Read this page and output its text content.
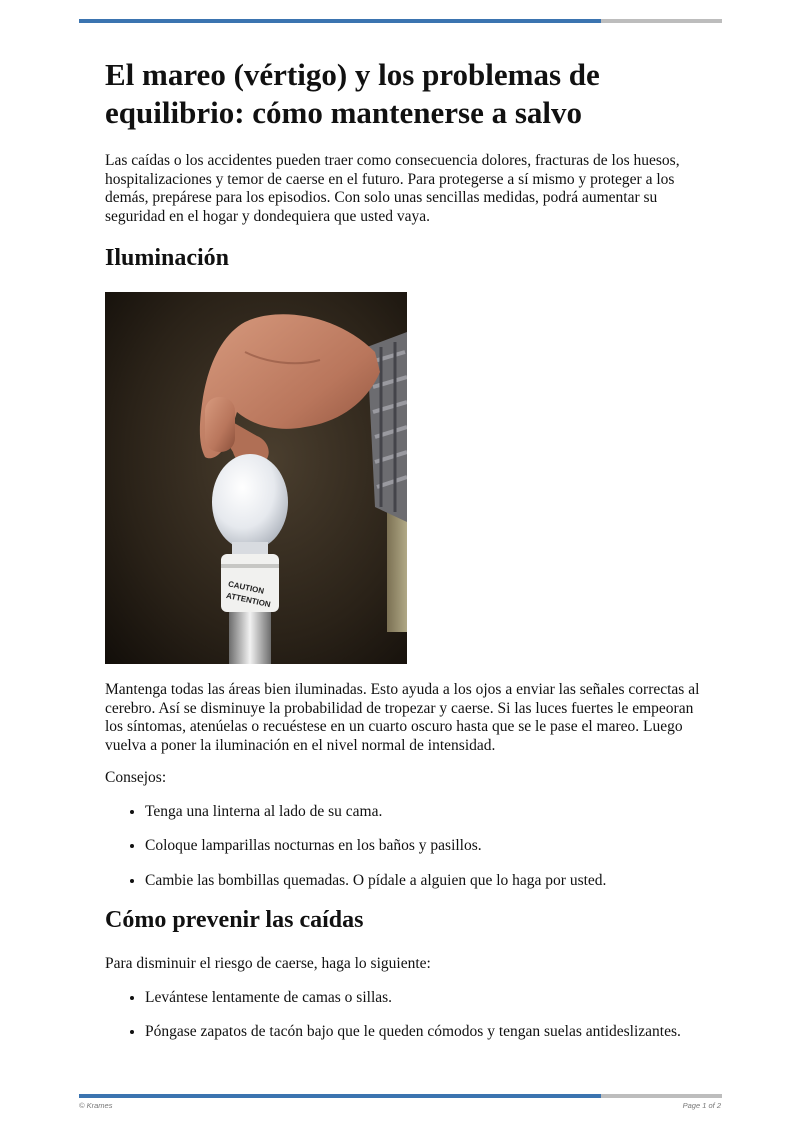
El mareo (vértigo) y los problemas de equilibrio: cómo mantenerse a salvo

Las caídas o los accidentes pueden traer como consecuencia dolores, fracturas de los huesos, hospitalizaciones y temor de caerse en el futuro. Para protegerse a sí mismo y proteger a los demás, prepárese para los episodios. Con solo unas sencillas medidas, podrá aumentar su seguridad en el hogar y dondequiera que usted vaya.

Iluminación
CAUTION
ATTENTION

Mantenga todas las áreas bien iluminadas. Esto ayuda a los ojos a enviar las señales correctas al cerebro. Así se disminuye la probabilidad de tropezar y caerse. Si las luces fuertes le empeoran los síntomas, atenúelas o recuéstese en un cuarto oscuro hasta que se le pase el mareo. Luego vuelva a poner la iluminación en el nivel normal de intensidad.

Consejos:

• Tenga una linterna al lado de su cama.
• Coloque lamparillas nocturnas en los baños y pasillos.
• Cambie las bombillas quemadas. O pídale a alguien que lo haga por usted.
Cómo prevenir las caídas

Para disminuir el riesgo de caerse, haga lo siguiente:

• Levántese lentamente de camas o sillas.
• Póngase zapatos de tacón bajo que le queden cómodos y tengan suelas antideslizantes.
© Krames	Page 1 of 2
